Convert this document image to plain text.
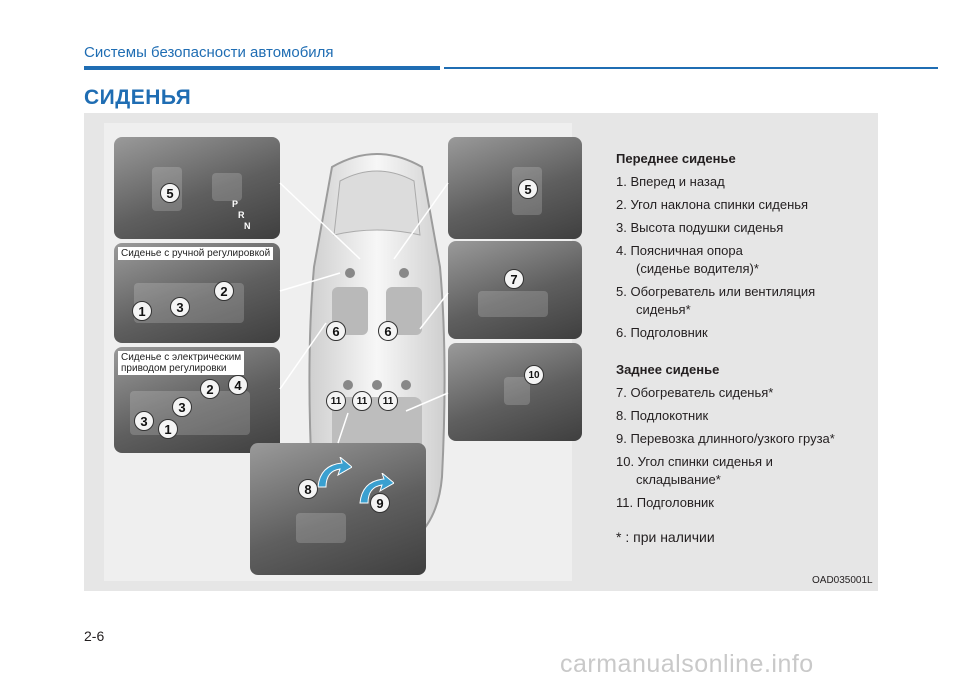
Системы безопасности автомобиля
СИДЕНЬЯ
5
P
R
N
Сиденье с ручной регулировкой
1	3
2
Сиденье с электрическим
приводом регулировки
2	4
3
3
1
6	6
11	11	11
5
7
10
8
9
Переднее сиденье
1. Вперед и назад
2. Угол наклона спинки сиденья
3. Высота подушки сиденья
4. Поясничная опора
(сиденье водителя)*
5. Обогреватель или вентиляция
сиденья*
6. Подголовник
Заднее сиденье
7. Обогреватель сиденья*
8. Подлокотник
9. Перевозка длинного/узкого груза*
10. Угол спинки сиденья и
складывание*
11. Подголовник
* : при наличии
OAD035001L
2-6
carmanualsonline.info
